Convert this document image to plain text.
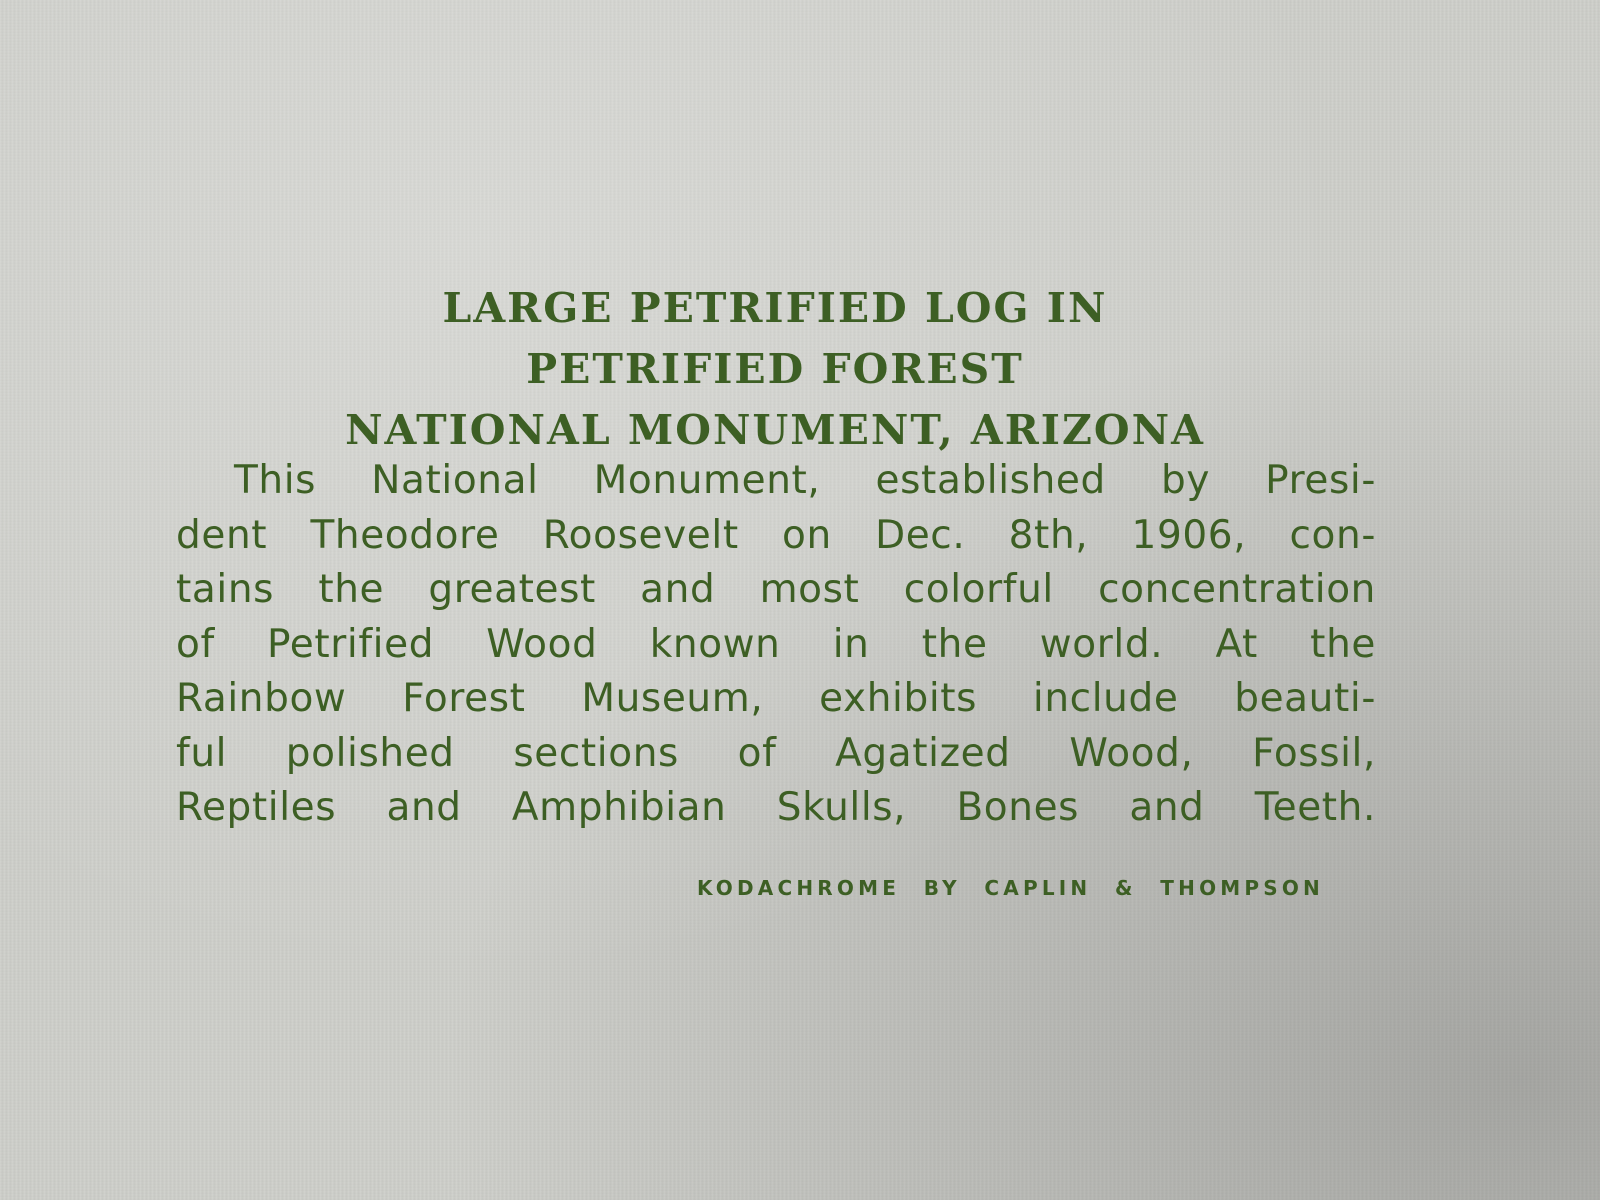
LARGE PETRIFIED LOG IN
PETRIFIED FOREST
NATIONAL MONUMENT, ARIZONA
This National Monument, established by Presi-
dent Theodore Roosevelt on Dec. 8th, 1906, con-
tains the greatest and most colorful concentration
of Petrified Wood known in the world. At the
Rainbow Forest Museum, exhibits include beauti-
ful polished sections of Agatized Wood, Fossil,
Reptiles and Amphibian Skulls, Bones and Teeth.
KODACHROME BY CAPLIN & THOMPSON
